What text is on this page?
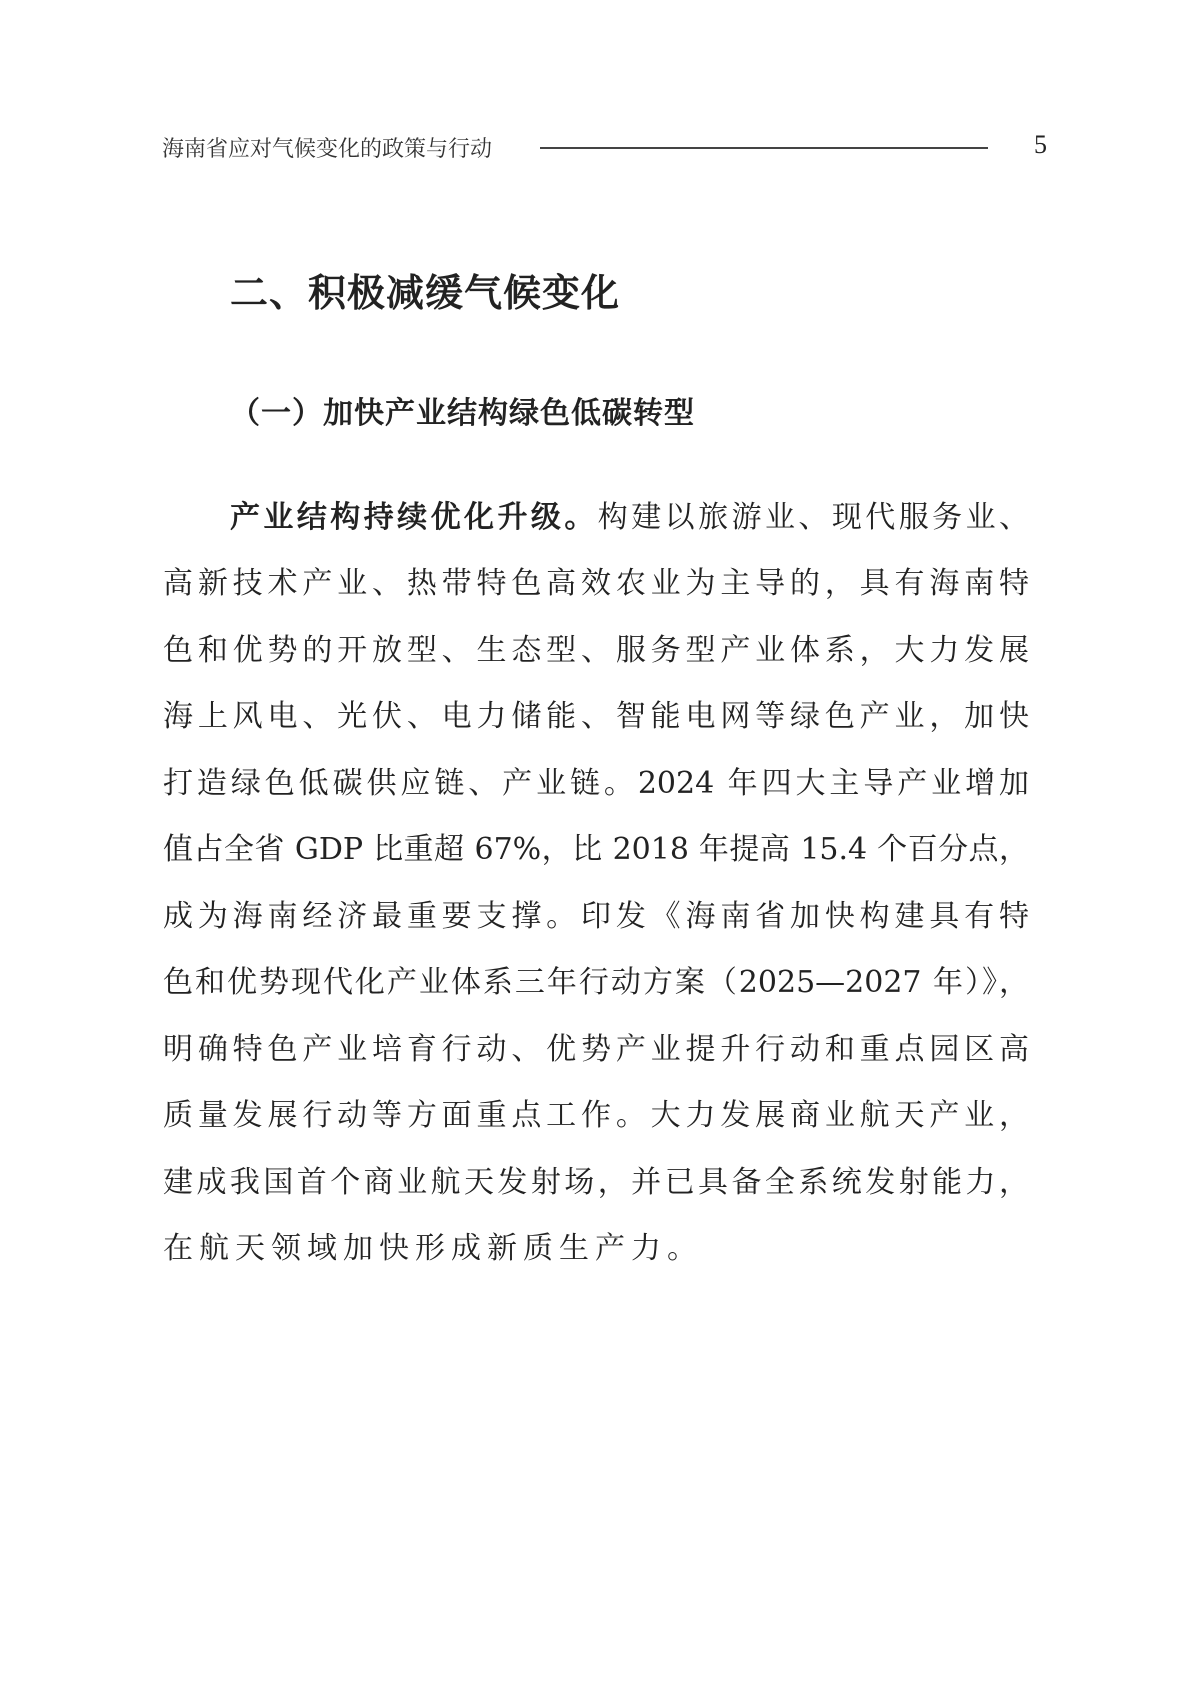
海南省应对气候变化的政策与行动	5
二、积极减缓气候变化
（一）加快产业结构绿色低碳转型
产业结构持续优化升级。构建以旅游业、现代服务业、
高新技术产业、热带特色高效农业为主导的，具有海南特
色和优势的开放型、生态型、服务型产业体系，大力发展
海上风电、光伏、电力储能、智能电网等绿色产业，加快
打造绿色低碳供应链、产业链。2024 年四大主导产业增加
值占全省 GDP 比重超 67%，比 2018 年提高 15.4 个百分点，
成为海南经济最重要支撑。印发《海南省加快构建具有特
色和优势现代化产业体系三年行动方案（2025—2027 年）》，
明确特色产业培育行动、优势产业提升行动和重点园区高
质量发展行动等方面重点工作。大力发展商业航天产业，
建成我国首个商业航天发射场，并已具备全系统发射能力，
在航天领域加快形成新质生产力。
